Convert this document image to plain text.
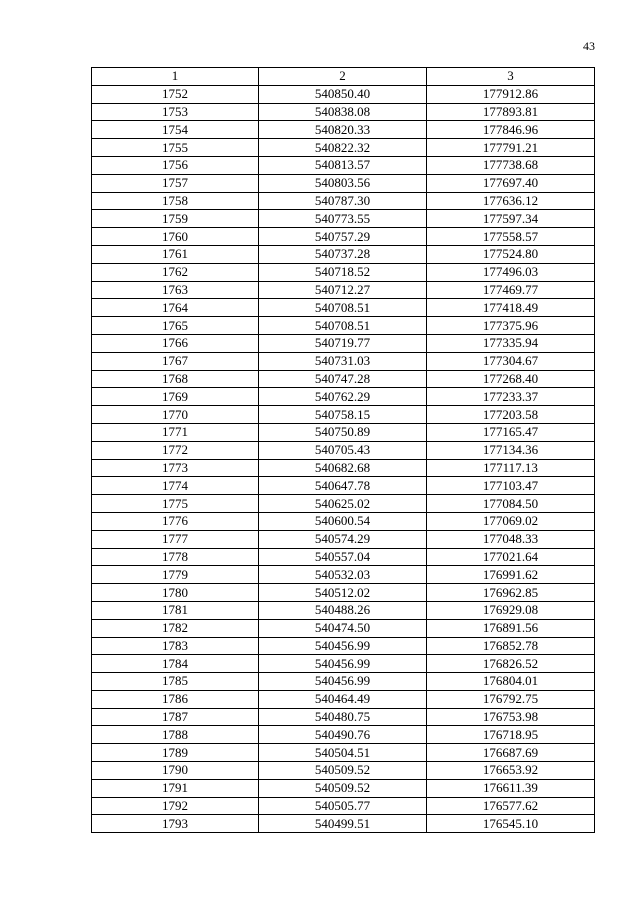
43
1	2	3
1752	540850.40	177912.86
1753	540838.08	177893.81
1754	540820.33	177846.96
1755	540822.32	177791.21
1756	540813.57	177738.68
1757	540803.56	177697.40
1758	540787.30	177636.12
1759	540773.55	177597.34
1760	540757.29	177558.57
1761	540737.28	177524.80
1762	540718.52	177496.03
1763	540712.27	177469.77
1764	540708.51	177418.49
1765	540708.51	177375.96
1766	540719.77	177335.94
1767	540731.03	177304.67
1768	540747.28	177268.40
1769	540762.29	177233.37
1770	540758.15	177203.58
1771	540750.89	177165.47
1772	540705.43	177134.36
1773	540682.68	177117.13
1774	540647.78	177103.47
1775	540625.02	177084.50
1776	540600.54	177069.02
1777	540574.29	177048.33
1778	540557.04	177021.64
1779	540532.03	176991.62
1780	540512.02	176962.85
1781	540488.26	176929.08
1782	540474.50	176891.56
1783	540456.99	176852.78
1784	540456.99	176826.52
1785	540456.99	176804.01
1786	540464.49	176792.75
1787	540480.75	176753.98
1788	540490.76	176718.95
1789	540504.51	176687.69
1790	540509.52	176653.92
1791	540509.52	176611.39
1792	540505.77	176577.62
1793	540499.51	176545.10
